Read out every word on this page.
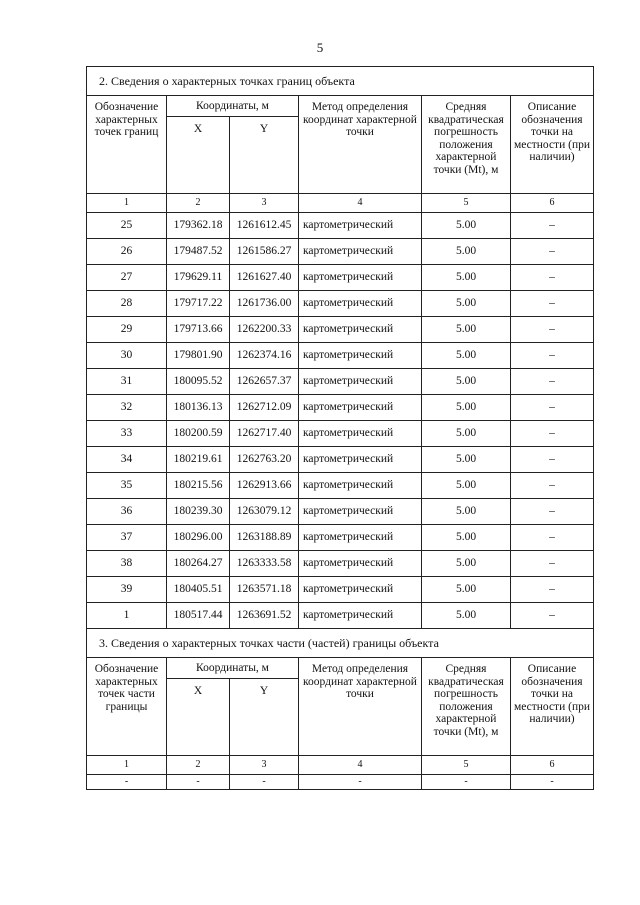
5
2. Сведения о характерных точках границ объекта					
Обозначение характерных точек границ	Координаты, м		Метод определения координат характерной точки	Средняя квадратическая погрешность положения характерной точки (Mt), м	Описание обозначения точки на местности (при наличии)
	X	Y			
1	2	3	4	5	6
25	179362.18	1261612.45	картометрический	5.00	–
26	179487.52	1261586.27	картометрический	5.00	–
27	179629.11	1261627.40	картометрический	5.00	–
28	179717.22	1261736.00	картометрический	5.00	–
29	179713.66	1262200.33	картометрический	5.00	–
30	179801.90	1262374.16	картометрический	5.00	–
31	180095.52	1262657.37	картометрический	5.00	–
32	180136.13	1262712.09	картометрический	5.00	–
33	180200.59	1262717.40	картометрический	5.00	–
34	180219.61	1262763.20	картометрический	5.00	–
35	180215.56	1262913.66	картометрический	5.00	–
36	180239.30	1263079.12	картометрический	5.00	–
37	180296.00	1263188.89	картометрический	5.00	–
38	180264.27	1263333.58	картометрический	5.00	–
39	180405.51	1263571.18	картометрический	5.00	–
1	180517.44	1263691.52	картометрический	5.00	–
3. Сведения о характерных точках части (частей) границы объекта					
Обозначение характерных точек части границы	Координаты, м		Метод определения координат характерной точки	Средняя квадратическая погрешность положения характерной точки (Mt), м	Описание обозначения точки на местности (при наличии)
	X	Y			
1	2	3	4	5	6
-	-	-	-	-	-
